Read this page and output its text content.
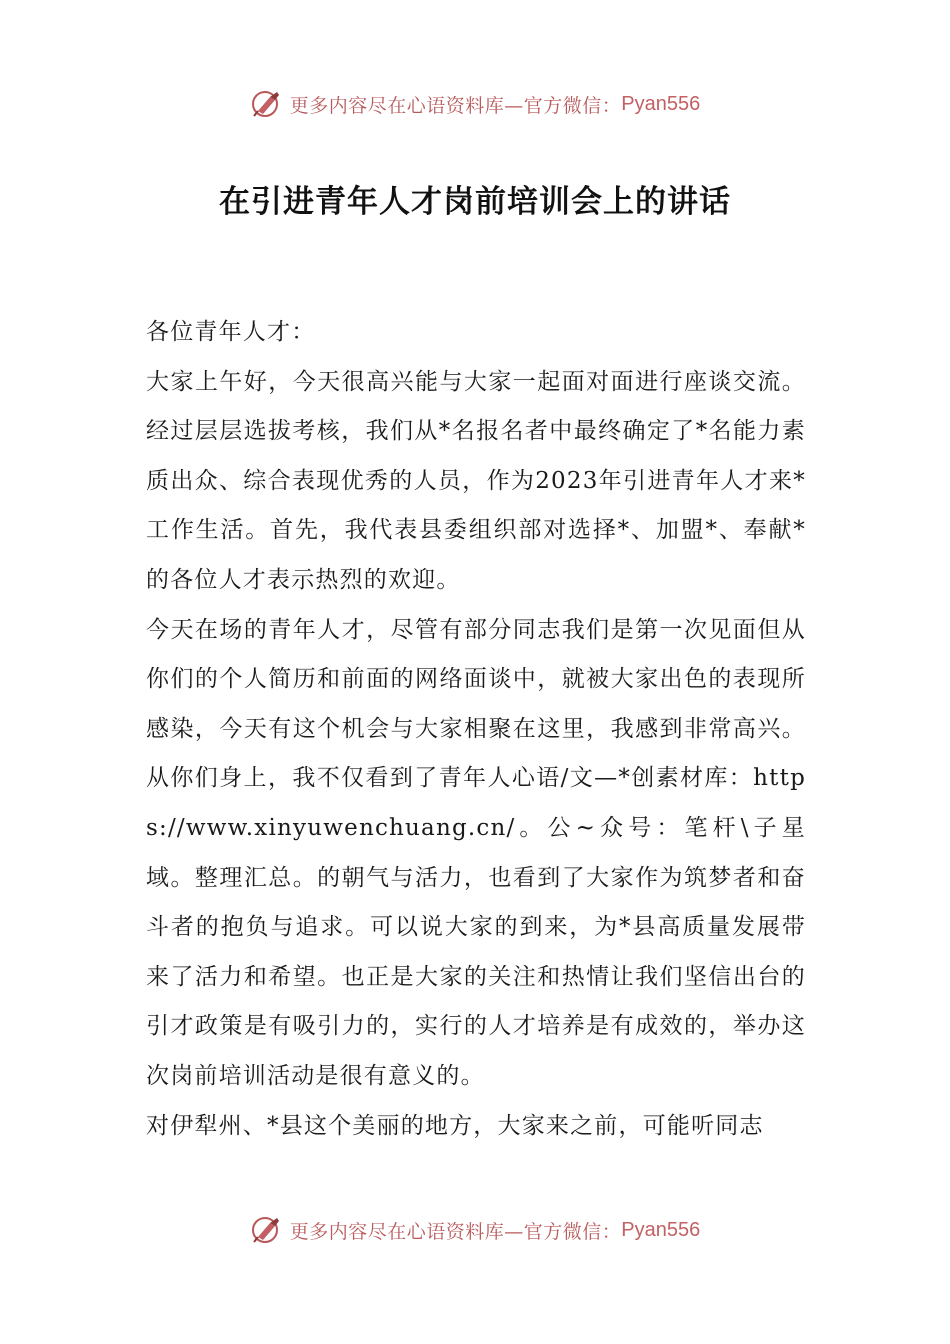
更多内容尽在心语资料库—官方微信： Pyan556
在引进青年人才岗前培训会上的讲话

各位青年人才：

大家上午好，今天很高兴能与大家一起面对面进行座谈交流。经过层层选拔考核，我们从*名报名者中最终确定了*名能力素质出众、综合表现优秀的人员，作为2023年引进青年人才来*工作生活。首先，我代表县委组织部对选择*、加盟*、奉献*的各位人才表示热烈的欢迎。

今天在场的青年人才，尽管有部分同志我们是第一次见面但从你们的个人简历和前面的网络面谈中，就被大家出色的表现所感染，今天有这个机会与大家相聚在这里，我感到非常高兴。从你们身上，我不仅看到了青年人心语/文—*创素材库：https://www.xinyuwenchuang.cn/。公~众号：笔杆\子星域。整理汇总。的朝气与活力，也看到了大家作为筑梦者和奋斗者的抱负与追求。可以说大家的到来，为*县高质量发展带来了活力和希望。也正是大家的关注和热情让我们坚信出台的引才政策是有吸引力的，实行的人才培养是有成效的，举办这次岗前培训活动是很有意义的。

对伊犁州、*县这个美丽的地方，大家来之前，可能听同志

更多内容尽在心语资料库—官方微信： Pyan556
